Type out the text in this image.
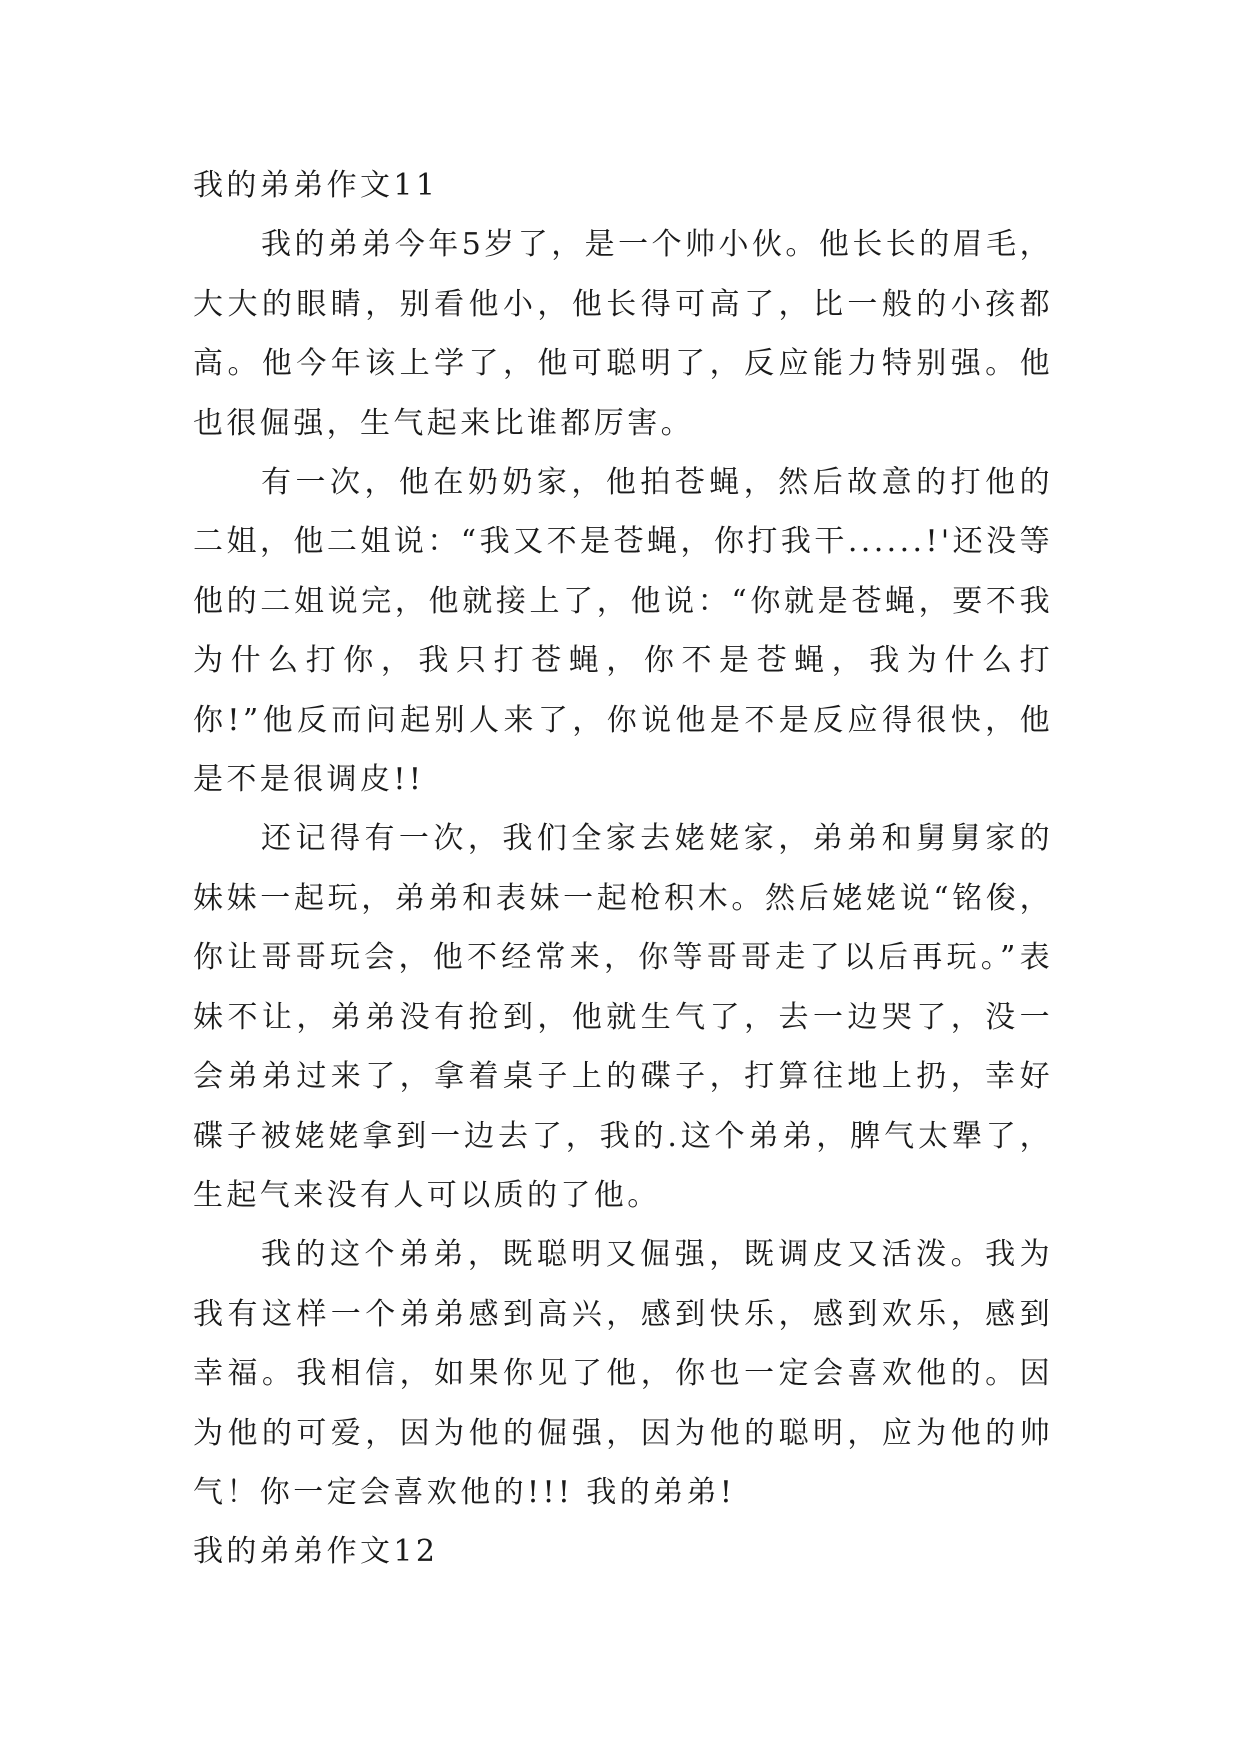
我的弟弟作文11

我的弟弟今年5岁了，是一个帅小伙。他长长的眉毛，大大的眼睛，别看他小，他长得可高了，比一般的小孩都高。他今年该上学了，他可聪明了，反应能力特别强。他也很倔强，生气起来比谁都厉害。

有一次，他在奶奶家，他拍苍蝇，然后故意的打他的二姐，他二姐说：“我又不是苍蝇，你打我干......!'还没等他的二姐说完，他就接上了，他说：“你就是苍蝇，要不我为什么打你，我只打苍蝇，你不是苍蝇，我为什么打你!”他反而问起别人来了，你说他是不是反应得很快，他是不是很调皮!!

还记得有一次，我们全家去姥姥家，弟弟和舅舅家的妹妹一起玩，弟弟和表妹一起枪积木。然后姥姥说“铭俊，你让哥哥玩会，他不经常来，你等哥哥走了以后再玩。”表妹不让，弟弟没有抢到，他就生气了，去一边哭了，没一会弟弟过来了，拿着桌子上的碟子，打算往地上扔，幸好碟子被姥姥拿到一边去了，我的.这个弟弟，脾气太犟了，生起气来没有人可以质的了他。

我的这个弟弟，既聪明又倔强，既调皮又活泼。我为我有这样一个弟弟感到高兴，感到快乐，感到欢乐，感到幸福。我相信，如果你见了他，你也一定会喜欢他的。因为他的可爱，因为他的倔强，因为他的聪明，应为他的帅气！你一定会喜欢他的!!! 我的弟弟!

我的弟弟作文12
